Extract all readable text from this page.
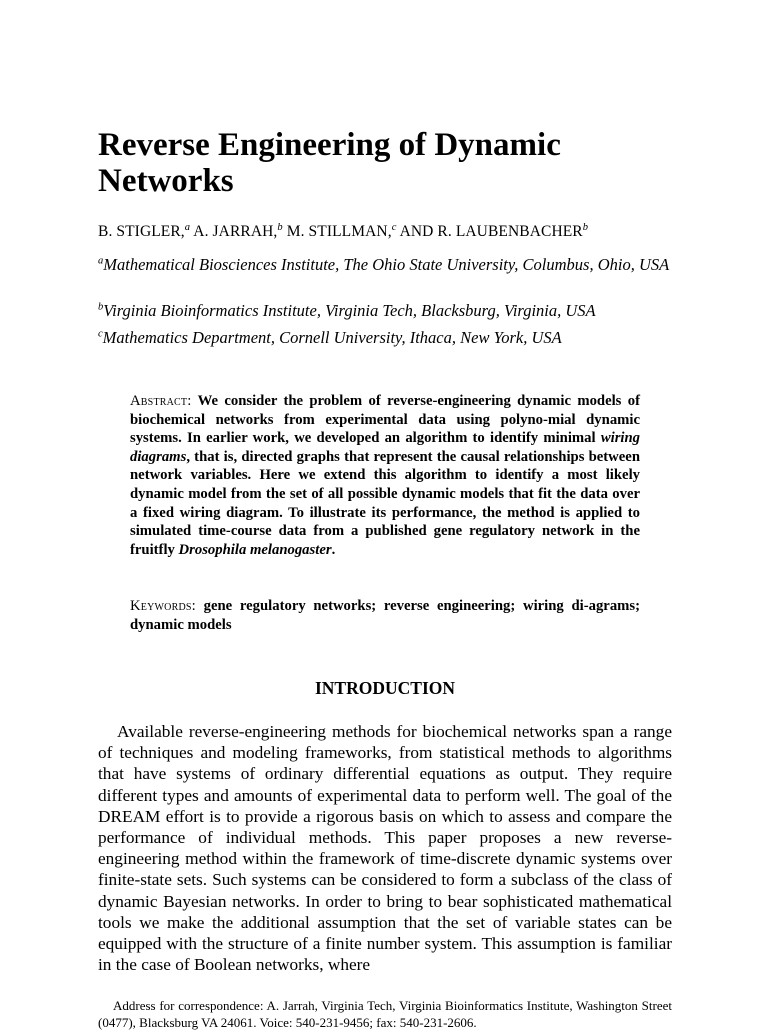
Reverse Engineering of Dynamic Networks
B. STIGLER,$^a$ A. JARRAH,$^b$ M. STILLMAN,$^c$ AND R. LAUBENBACHER$^b$
$^a$Mathematical Biosciences Institute, The Ohio State University, Columbus, Ohio, USA
$^b$Virginia Bioinformatics Institute, Virginia Tech, Blacksburg, Virginia, USA
$^c$Mathematics Department, Cornell University, Ithaca, New York, USA
Abstract: We consider the problem of reverse-engineering dynamic models of biochemical networks from experimental data using polyno-mial dynamic systems. In earlier work, we developed an algorithm to identify minimal wiring diagrams, that is, directed graphs that represent the causal relationships between network variables. Here we extend this algorithm to identify a most likely dynamic model from the set of all possible dynamic models that fit the data over a fixed wiring diagram. To illustrate its performance, the method is applied to simulated time-course data from a published gene regulatory network in the fruitfly Drosophila melanogaster.
Keywords: gene regulatory networks; reverse engineering; wiring di-agrams; dynamic models
INTRODUCTION

Available reverse-engineering methods for biochemical networks span a range of techniques and modeling frameworks, from statistical methods to algorithms that have systems of ordinary differential equations as output. They require different types and amounts of experimental data to perform well. The goal of the DREAM effort is to provide a rigorous basis on which to assess and compare the performance of individual methods. This paper proposes a new reverse-engineering method within the framework of time-discrete dynamic systems over finite-state sets. Such systems can be considered to form a subclass of the class of dynamic Bayesian networks. In order to bring to bear sophisticated mathematical tools we make the additional assumption that the set of variable states can be equipped with the structure of a finite number system. This assumption is familiar in the case of Boolean networks, where

Address for correspondence: A. Jarrah, Virginia Tech, Virginia Bioinformatics Institute, Washington Street (0477), Blacksburg VA 24061. Voice: 540-231-9456; fax: 540-231-2606.
